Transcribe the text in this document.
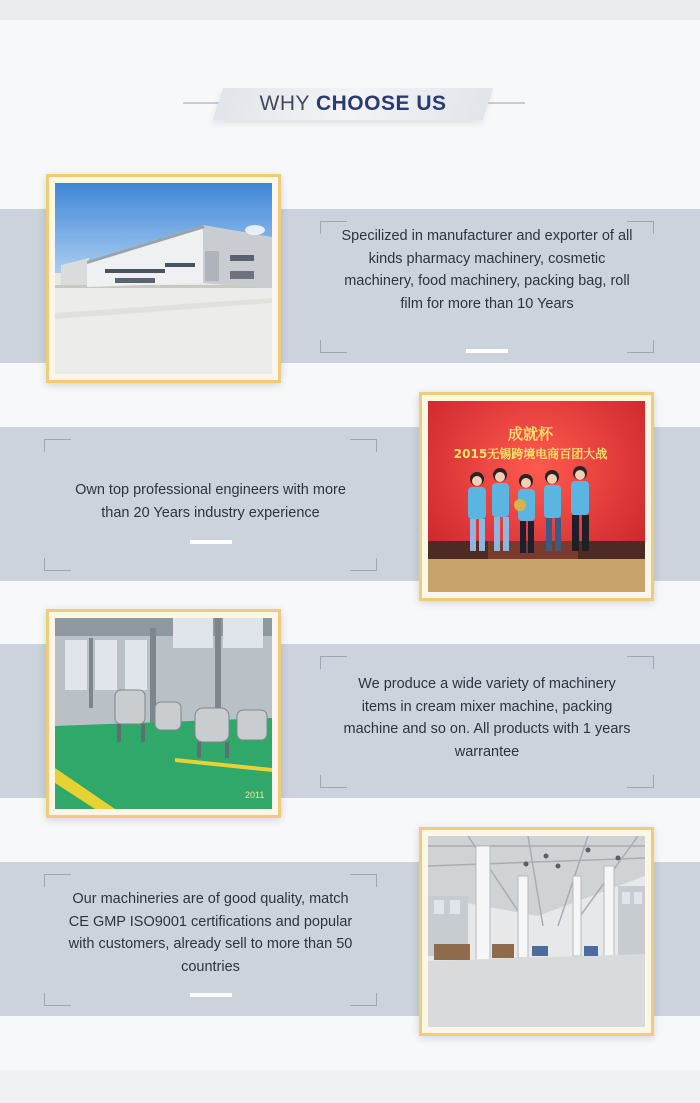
WHY CHOOSE US
Specilized in manufacturer and exporter of all kinds pharmacy machinery, cosmetic machinery, food machinery, packing bag, roll film for more than 10 Years
成就杯
2015无锡跨境电商百团大战
Own top professional engineers with more than 20 Years industry experience
2011
We produce a wide variety of machinery items in cream mixer machine, packing machine and so on. All products with 1 years warrantee
Our machineries are of good quality, match CE GMP ISO9001 certifications and popular with customers, already sell to more than 50 countries
